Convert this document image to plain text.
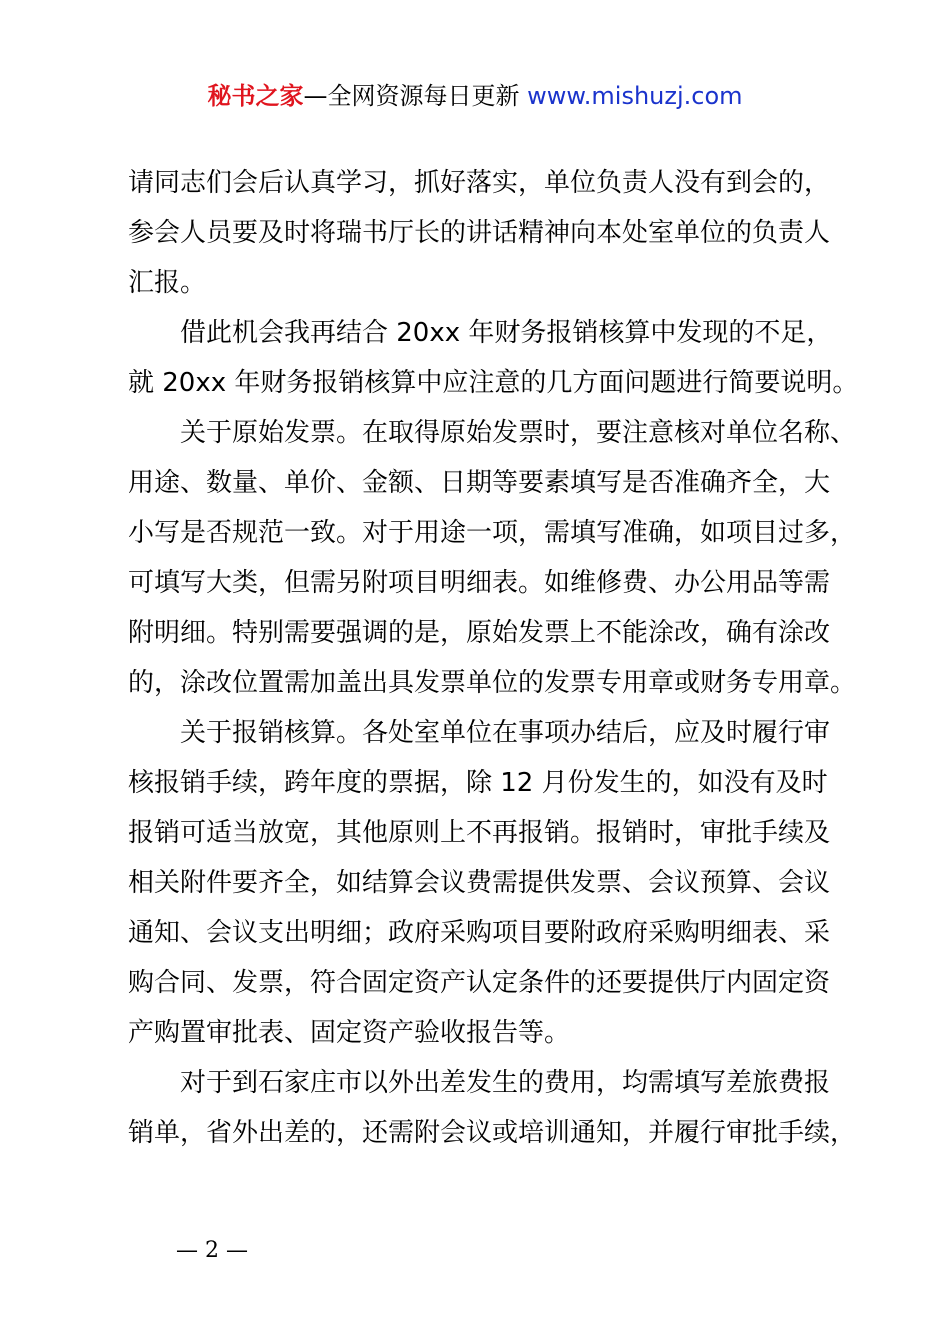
秘书之家—全网资源每日更新 www.mishuzj.com
请同志们会后认真学习，抓好落实，单位负责人没有到会的，
参会人员要及时将瑞书厅长的讲话精神向本处室单位的负责人
汇报。
借此机会我再结合 20xx 年财务报销核算中发现的不足，
就 20xx 年财务报销核算中应注意的几方面问题进行简要说明。
关于原始发票。在取得原始发票时，要注意核对单位名称、
用途、数量、单价、金额、日期等要素填写是否准确齐全，大
小写是否规范一致。对于用途一项，需填写准确，如项目过多，
可填写大类，但需另附项目明细表。如维修费、办公用品等需
附明细。特别需要强调的是，原始发票上不能涂改，确有涂改
的，涂改位置需加盖出具发票单位的发票专用章或财务专用章。
关于报销核算。各处室单位在事项办结后，应及时履行审
核报销手续，跨年度的票据，除 12 月份发生的，如没有及时
报销可适当放宽，其他原则上不再报销。报销时，审批手续及
相关附件要齐全，如结算会议费需提供发票、会议预算、会议
通知、会议支出明细；政府采购项目要附政府采购明细表、采
购合同、发票，符合固定资产认定条件的还要提供厅内固定资
产购置审批表、固定资产验收报告等。
对于到石家庄市以外出差发生的费用，均需填写差旅费报
销单，省外出差的，还需附会议或培训通知，并履行审批手续，
— 2 —
